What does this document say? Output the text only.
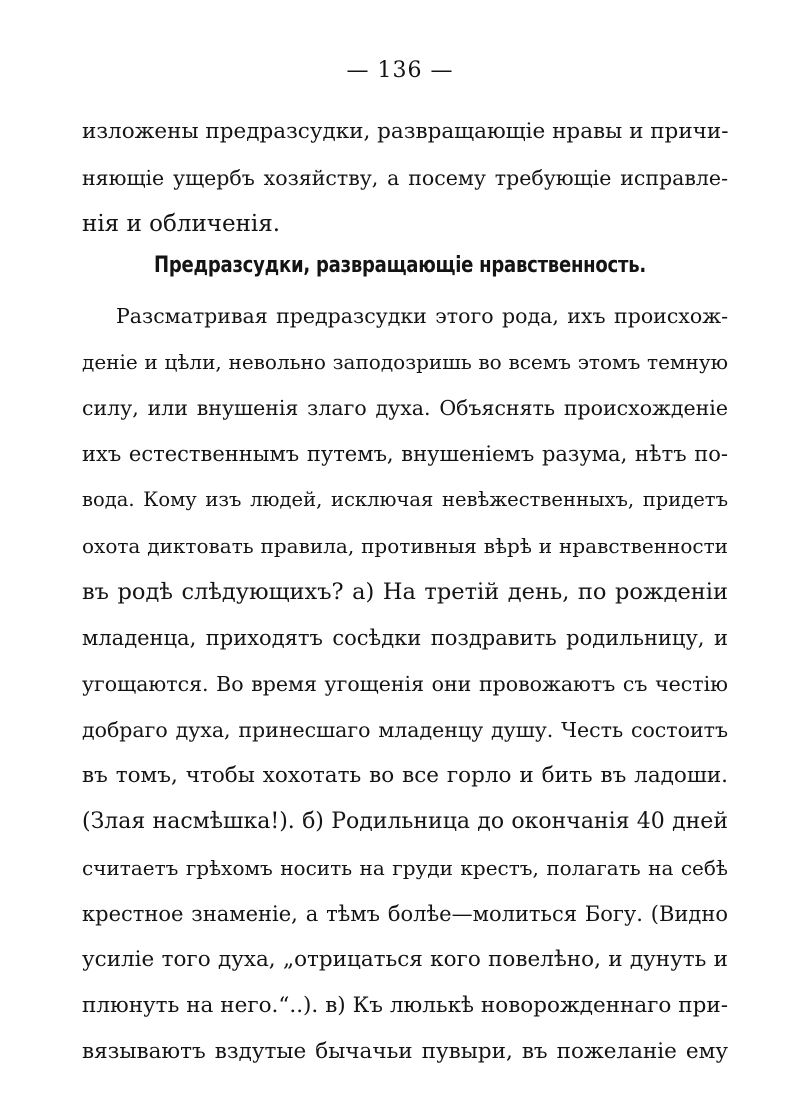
— 136 —
изложены предразсудки, развращающіе нравы и причи-
няющіе ущербъ хозяйству, а посему требующіе исправле-
нія и обличенія.
Предразсудки, развращающіе нравственность.
Разсматривая предразсудки этого рода, ихъ происхож-
деніе и цѣли, невольно заподозришь во всемъ этомъ темную
силу, или внушенія злаго духа. Объяснять происхожденіе
ихъ естественнымъ путемъ, внушеніемъ разума, нѣтъ по-
вода. Кому изъ людей, исключая невѣжественныхъ, придетъ
охота диктовать правила, противныя вѣрѣ и нравственности
въ родѣ слѣдующихъ? а) На третій день, по рожденіи
младенца, приходятъ сосѣдки поздравить родильницу, и
угощаются. Во время угощенія они провожаютъ съ честію
добраго духа, принесшаго младенцу душу. Честь состоитъ
въ томъ, чтобы хохотать во все горло и бить въ ладоши.
(Злая насмѣшка!). б) Родильница до окончанія 40 дней
считаетъ грѣхомъ носить на груди крестъ, полагать на себѣ
крестное знаменіе, а тѣмъ болѣе—молиться Богу. (Видно
усиліе того духа, „отрицаться кого повелѣно, и дунуть и
плюнуть на него.“..). в) Къ люлькѣ новорожденнаго при-
вязываютъ вздутые бычачьи пувыри, въ пожеланіе ему
